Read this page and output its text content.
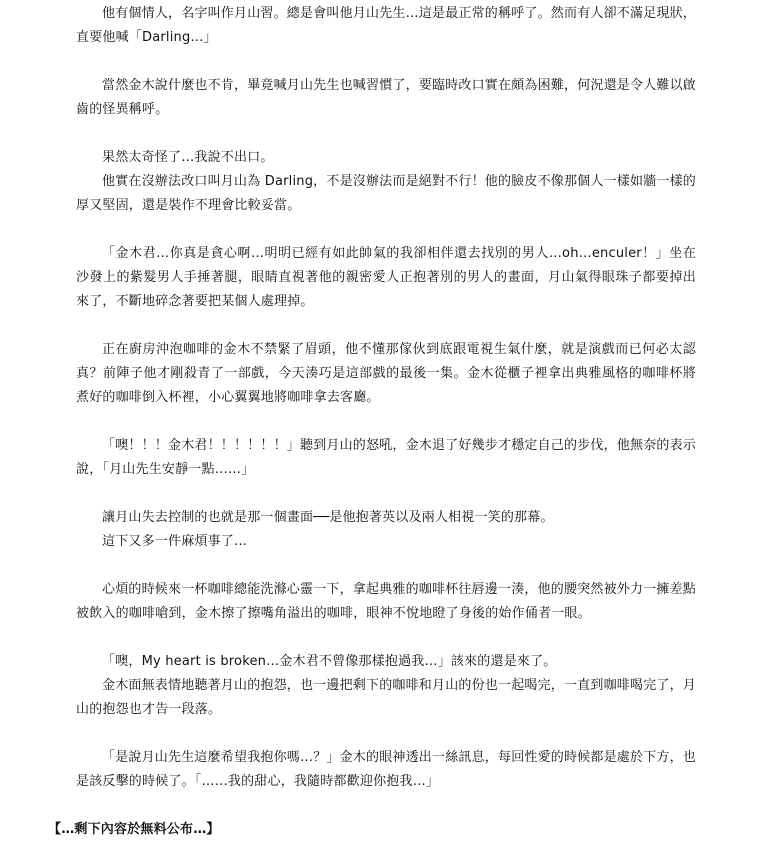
他有個情人，名字叫作月山習。總是會叫他月山先生…這是最正常的稱呼了。然而有人卻不滿足現狀，直要他喊「Darling…」

當然金木說什麼也不肯，畢竟喊月山先生也喊習慣了，要臨時改口實在頗為困難，何況還是令人難以啟齒的怪異稱呼。

果然太奇怪了…我說不出口。

他實在沒辦法改口叫月山為 Darling，不是沒辦法而是絕對不行！他的臉皮不像那個人一樣如牆一樣的厚又堅固，還是裝作不理會比較妥當。

「金木君…你真是貪心啊…明明已經有如此帥氣的我卻相伴還去找別的男人…oh…enculer！」坐在沙發上的紫髮男人手捶著腿，眼睛直視著他的親密愛人正抱著別的男人的畫面，月山氣得眼珠子都要掉出來了，不斷地碎念著要把某個人處理掉。

正在廚房沖泡咖啡的金木不禁緊了眉頭，他不懂那傢伙到底跟電視生氣什麼，就是演戲而已何必太認真？前陣子他才剛殺青了一部戲，今天湊巧是這部戲的最後一集。金木從櫃子裡拿出典雅風格的咖啡杯將煮好的咖啡倒入杯裡，小心翼翼地將咖啡拿去客廳。

「噢！！！金木君！！！！！！」聽到月山的怒吼，金木退了好幾步才穩定自己的步伐，他無奈的表示說，「月山先生安靜一點……」

讓月山失去控制的也就是那一個畫面──是他抱著英以及兩人相視一笑的那幕。

這下又多一件麻煩事了…

心煩的時候來一杯咖啡總能洗滌心靈一下，拿起典雅的咖啡杯往唇邊一湊，他的腰突然被外力一擁差點被飲入的咖啡嗆到，金木擦了擦嘴角溢出的咖啡，眼神不悅地瞪了身後的始作俑者一眼。

「噢，My heart is broken…金木君不曾像那樣抱過我…」該來的還是來了。

金木面無表情地聽著月山的抱怨，也一邊把剩下的咖啡和月山的份也一起喝完，一直到咖啡喝完了，月山的抱怨也才告一段落。

「是說月山先生這麼希望我抱你嗎…？」金木的眼神透出一絲訊息，每回性愛的時候都是處於下方，也是該反擊的時候了。「……我的甜心，我隨時都歡迎你抱我…」

【…剩下內容於無料公布…】
